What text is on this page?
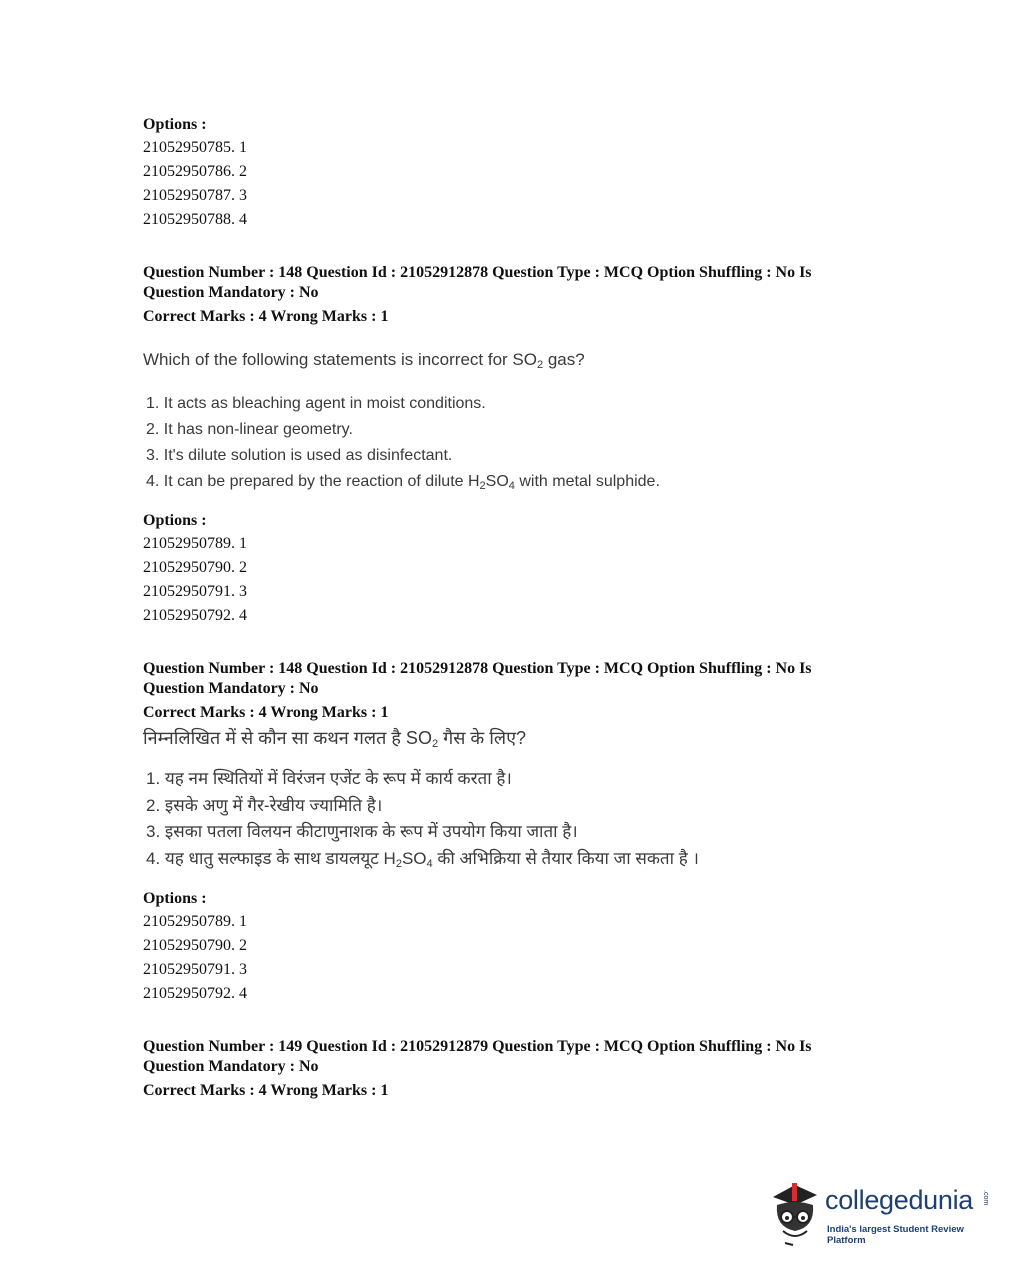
Options :
21052950785. 1
21052950786. 2
21052950787. 3
21052950788. 4
Question Number : 148 Question Id : 21052912878 Question Type : MCQ Option Shuffling : No Is
Question Mandatory : No
Correct Marks : 4 Wrong Marks : 1
Which of the following statements is incorrect for $SO_2$ gas?
1. It acts as bleaching agent in moist conditions.
2. It has non-linear geometry.
3. It's dilute solution is used as disinfectant.
4. It can be prepared by the reaction of dilute $H_2SO_4$ with metal sulphide.
Options :
21052950789. 1
21052950790. 2
21052950791. 3
21052950792. 4
Question Number : 148 Question Id : 21052912878 Question Type : MCQ Option Shuffling : No Is
Question Mandatory : No
Correct Marks : 4 Wrong Marks : 1
निम्नलिखित में से कौन सा कथन गलत है $SO_2$ गैस के लिए?
1. यह नम स्थितियों में विरंजन एजेंट के रूप में कार्य करता है।
2. इसके अणु में गैर-रेखीय ज्यामिति है।
3. इसका पतला विलयन कीटाणुनाशक के रूप में उपयोग किया जाता है।
4. यह धातु सल्फाइड के साथ डायलयूट $H_2SO_4$ की अभिक्रिया से तैयार किया जा सकता है ।
Options :
21052950789. 1
21052950790. 2
21052950791. 3
21052950792. 4
Question Number : 149 Question Id : 21052912879 Question Type : MCQ Option Shuffling : No Is
Question Mandatory : No
Correct Marks : 4 Wrong Marks : 1
collegedunia .com
India's largest Student Review Platform
